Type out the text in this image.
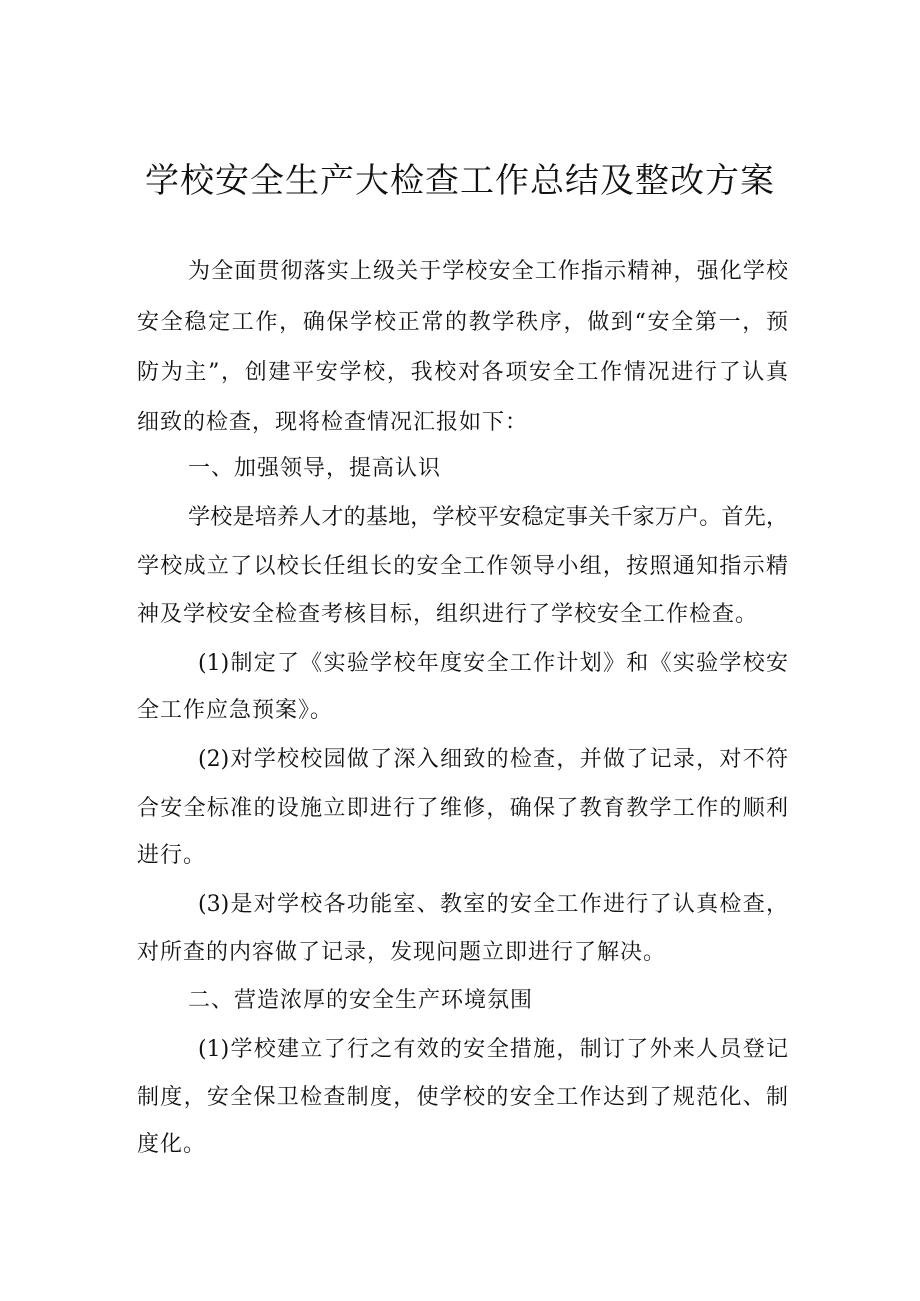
学校安全生产大检查工作总结及整改方案
为全面贯彻落实上级关于学校安全工作指示精神，强化学校
安全稳定工作，确保学校正常的教学秩序，做到“安全第一，预
防为主”，创建平安学校，我校对各项安全工作情况进行了认真
细致的检查，现将检查情况汇报如下：
一、加强领导，提高认识
学校是培养人才的基地，学校平安稳定事关千家万户。首先，
学校成立了以校长任组长的安全工作领导小组，按照通知指示精
神及学校安全检查考核目标，组织进行了学校安全工作检查。
(1)制定了《实验学校年度安全工作计划》和《实验学校安
全工作应急预案》。
(2)对学校校园做了深入细致的检查，并做了记录，对不符
合安全标准的设施立即进行了维修，确保了教育教学工作的顺利
进行。
(3)是对学校各功能室、教室的安全工作进行了认真检查，
对所查的内容做了记录，发现问题立即进行了解决。
二、营造浓厚的安全生产环境氛围
(1)学校建立了行之有效的安全措施，制订了外来人员登记
制度，安全保卫检查制度，使学校的安全工作达到了规范化、制
度化。
